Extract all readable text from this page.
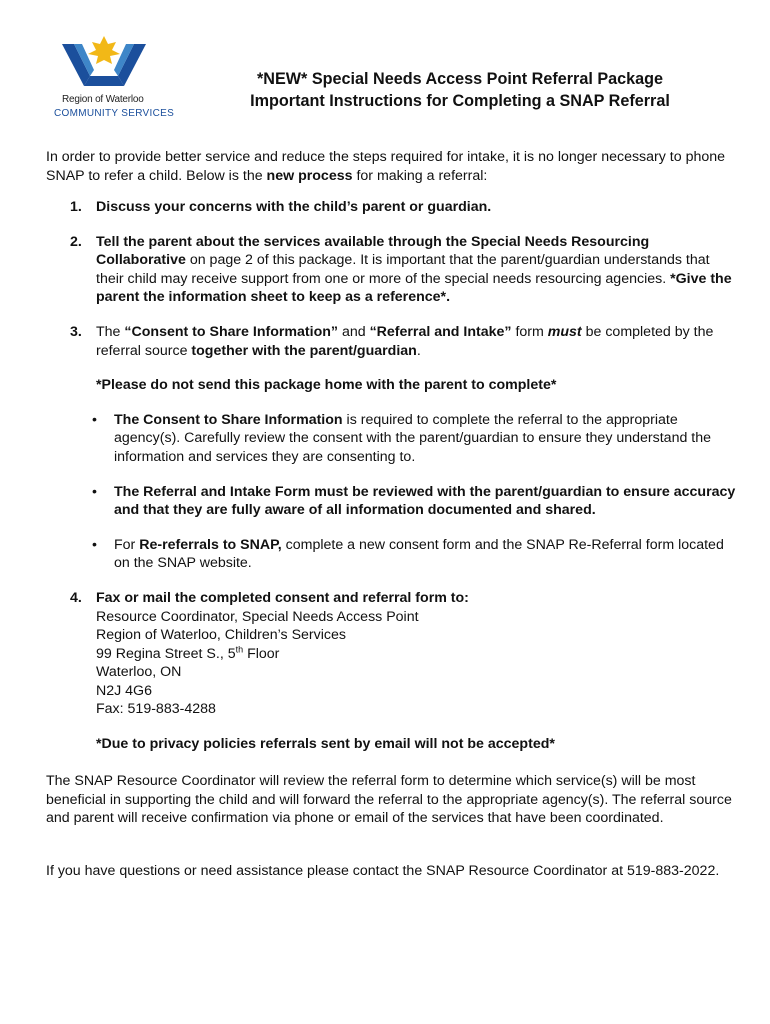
Region of Waterloo
COMMUNITY SERVICES
*NEW* Special Needs Access Point Referral Package
Important Instructions for Completing a SNAP Referral
In order to provide better service and reduce the steps required for intake, it is no longer necessary to phone SNAP to refer a child. Below is the new process for making a referral:
1. Discuss your concerns with the child’s parent or guardian.
2. Tell the parent about the services available through the Special Needs Resourcing Collaborative on page 2 of this package. It is important that the parent/guardian understands that their child may receive support from one or more of the special needs resourcing agencies. *Give the parent the information sheet to keep as a reference*.
3. The “Consent to Share Information” and “Referral and Intake” form must be completed by the referral source together with the parent/guardian.
*Please do not send this package home with the parent to complete*
• The Consent to Share Information is required to complete the referral to the appropriate agency(s). Carefully review the consent with the parent/guardian to ensure they understand the information and services they are consenting to.
• The Referral and Intake Form must be reviewed with the parent/guardian to ensure accuracy and that they are fully aware of all information documented and shared.
• For Re-referrals to SNAP, complete a new consent form and the SNAP Re-Referral form located on the SNAP website.
4. Fax or mail the completed consent and referral form to:
Resource Coordinator, Special Needs Access Point
Region of Waterloo, Children’s Services
99 Regina Street S., 5th Floor
Waterloo, ON
N2J 4G6
Fax: 519-883-4288
*Due to privacy policies referrals sent by email will not be accepted*
The SNAP Resource Coordinator will review the referral form to determine which service(s) will be most beneficial in supporting the child and will forward the referral to the appropriate agency(s). The referral source and parent will receive confirmation via phone or email of the services that have been coordinated.
If you have questions or need assistance please contact the SNAP Resource Coordinator at 519-883-2022.
